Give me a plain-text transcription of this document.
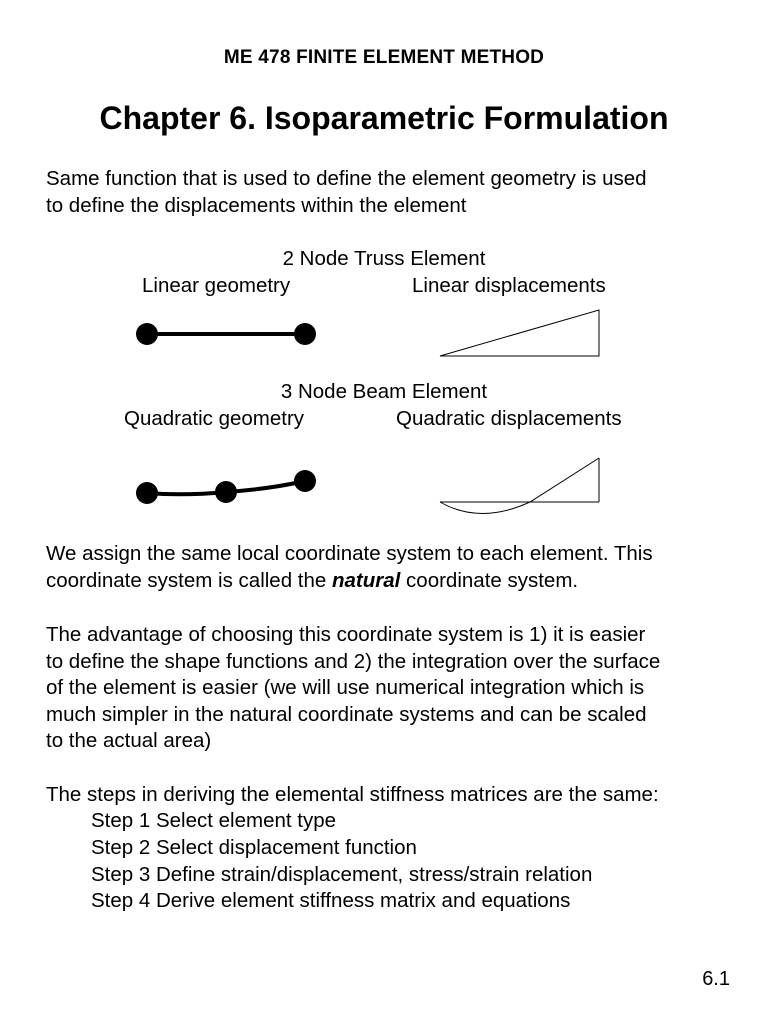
ME 478 FINITE ELEMENT METHOD
Chapter 6. Isoparametric Formulation
Same function that is used to define the element geometry is used
to define the displacements within the element
2 Node Truss Element
Linear geometry	Linear displacements
3 Node Beam Element
Quadratic geometry	Quadratic displacements
We assign the same local coordinate system to each element. This
coordinate system is called the natural coordinate system.
The advantage of choosing this coordinate system is 1) it is easier
to define the shape functions and 2) the integration over the surface
of the element is easier (we will use numerical integration which is
much simpler in the natural coordinate systems and can be scaled
to the actual area)
The steps in deriving the elemental stiffness matrices are the same:
Step 1 Select element type
Step 2 Select displacement function
Step 3 Define strain/displacement, stress/strain relation
Step 4 Derive element stiffness matrix and equations
6.1
